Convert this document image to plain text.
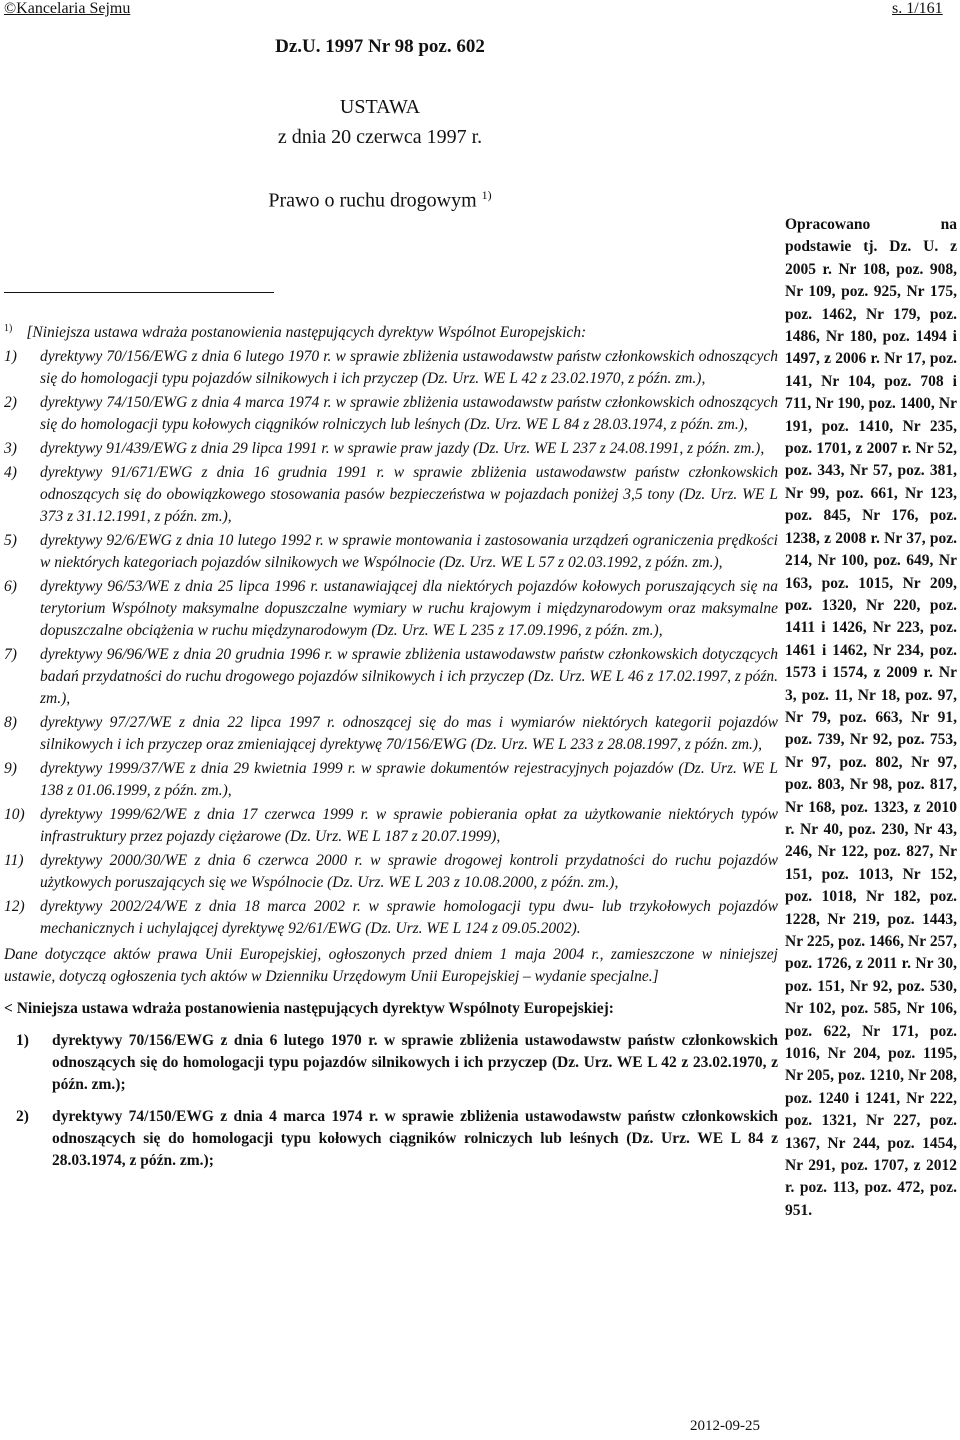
©Kancelaria Sejmu	s. 1/161
Dz.U. 1997 Nr 98 poz. 602
USTAWA
z dnia 20 czerwca 1997 r.
Prawo o ruchu drogowym $^{1)}$

$^{1)}$ [Niniejsza ustawa wdraża postanowienia następujących dyrektyw Wspólnot Europejskich:

1)	dyrektywy 70/156/EWG z dnia 6 lutego 1970 r. w sprawie zbliżenia ustawodawstw państw członkowskich odnoszących się do homologacji typu pojazdów silnikowych i ich przyczep (Dz. Urz. WE L 42 z 23.02.1970, z późn. zm.),
2)	dyrektywy 74/150/EWG z dnia 4 marca 1974 r. w sprawie zbliżenia ustawodawstw państw członkowskich odnoszących się do homologacji typu kołowych ciągników rolniczych lub leśnych (Dz. Urz. WE L 84 z 28.03.1974, z późn. zm.),
3)	dyrektywy 91/439/EWG z dnia 29 lipca 1991 r. w sprawie praw jazdy (Dz. Urz. WE L 237 z 24.08.1991, z późn. zm.),
4)	dyrektywy 91/671/EWG z dnia 16 grudnia 1991 r. w sprawie zbliżenia ustawodawstw państw członkowskich odnoszących się do obowiązkowego stosowania pasów bezpieczeństwa w pojazdach poniżej 3,5 tony (Dz. Urz. WE L 373 z 31.12.1991, z późn. zm.),
5)	dyrektywy 92/6/EWG z dnia 10 lutego 1992 r. w sprawie montowania i zastosowania urządzeń ograniczenia prędkości w niektórych kategoriach pojazdów silnikowych we Wspólnocie (Dz. Urz. WE L 57 z 02.03.1992, z późn. zm.),
6)	dyrektywy 96/53/WE z dnia 25 lipca 1996 r. ustanawiającej dla niektórych pojazdów kołowych poruszających się na terytorium Wspólnoty maksymalne dopuszczalne wymiary w ruchu krajowym i międzynarodowym oraz maksymalne dopuszczalne obciążenia w ruchu międzynarodowym (Dz. Urz. WE L 235 z 17.09.1996, z późn. zm.),
7)	dyrektywy 96/96/WE z dnia 20 grudnia 1996 r. w sprawie zbliżenia ustawodawstw państw członkowskich dotyczących badań przydatności do ruchu drogowego pojazdów silnikowych i ich przyczep (Dz. Urz. WE L 46 z 17.02.1997, z późn. zm.),
8)	dyrektywy 97/27/WE z dnia 22 lipca 1997 r. odnoszącej się do mas i wymiarów niektórych kategorii pojazdów silnikowych i ich przyczep oraz zmieniającej dyrektywę 70/156/EWG (Dz. Urz. WE L 233 z 28.08.1997, z późn. zm.),
9)	dyrektywy 1999/37/WE z dnia 29 kwietnia 1999 r. w sprawie dokumentów rejestracyjnych pojazdów (Dz. Urz. WE L 138 z 01.06.1999, z późn. zm.),
10) dyrektywy 1999/62/WE z dnia 17 czerwca 1999 r. w sprawie pobierania opłat za użytkowanie niektórych typów infrastruktury przez pojazdy ciężarowe (Dz. Urz. WE L 187 z 20.07.1999),
11)	dyrektywy 2000/30/WE z dnia 6 czerwca 2000 r. w sprawie drogowej kontroli przydatności do ruchu pojazdów użytkowych poruszających się we Wspólnocie (Dz. Urz. WE L 203 z 10.08.2000, z późn. zm.),
12) dyrektywy 2002/24/WE z dnia 18 marca 2002 r. w sprawie homologacji typu dwu- lub trzykołowych pojazdów mechanicznych i uchylającej dyrektywę 92/61/EWG (Dz. Urz. WE L 124 z 09.05.2002).

Dane dotyczące aktów prawa Unii Europejskiej, ogłoszonych przed dniem 1 maja 2004 r., zamieszczone w niniejszej ustawie, dotyczą ogłoszenia tych aktów w Dzienniku Urzędowym Unii Europejskiej – wydanie specjalne.]

< Niniejsza ustawa wdraża postanowienia następujących dyrektyw Wspólnoty Europejskiej:

1)	dyrektywy 70/156/EWG z dnia 6 lutego 1970 r. w sprawie zbliżenia ustawodawstw państw członkowskich odnoszących się do homologacji typu pojazdów silnikowych i ich przyczep (Dz. Urz. WE L 42 z 23.02.1970, z późn. zm.);
2)	dyrektywy 74/150/EWG z dnia 4 marca 1974 r. w sprawie zbliżenia ustawodawstw państw członkowskich odnoszących się do homologacji typu kołowych ciągników rolniczych lub leśnych (Dz. Urz. WE L 84 z 28.03.1974, z późn. zm.);
Opracowano na podstawie tj. Dz. U. z 2005 r. Nr 108, poz. 908, Nr 109, poz. 925, Nr 175, poz. 1462, Nr 179, poz. 1486, Nr 180, poz. 1494 i 1497, z 2006 r. Nr 17, poz. 141, Nr 104, poz. 708 i 711, Nr 190, poz. 1400, Nr 191, poz. 1410, Nr 235, poz. 1701, z 2007 r. Nr 52, poz. 343, Nr 57, poz. 381, Nr 99, poz. 661, Nr 123, poz. 845, Nr 176, poz. 1238, z 2008 r. Nr 37, poz. 214, Nr 100, poz. 649, Nr 163, poz. 1015, Nr 209, poz. 1320, Nr 220, poz. 1411 i 1426, Nr 223, poz. 1461 i 1462, Nr 234, poz. 1573 i 1574, z 2009 r. Nr 3, poz. 11, Nr 18, poz. 97, Nr 79, poz. 663, Nr 91, poz. 739, Nr 92, poz. 753, Nr 97, poz. 802, Nr 97, poz. 803, Nr 98, poz. 817, Nr 168, poz. 1323, z 2010 r. Nr 40, poz. 230, Nr 43, 246, Nr 122, poz. 827, Nr 151, poz. 1013, Nr 152, poz. 1018, Nr 182, poz. 1228, Nr 219, poz. 1443, Nr 225, poz. 1466, Nr 257, poz. 1726, z 2011 r. Nr 30, poz. 151, Nr 92, poz. 530, Nr 102, poz. 585, Nr 106, poz. 622, Nr 171, poz. 1016, Nr 204, poz. 1195, Nr 205, poz. 1210, Nr 208, poz. 1240 i 1241, Nr 222, poz. 1321, Nr 227, poz. 1367, Nr 244, poz. 1454, Nr 291, poz. 1707, z 2012 r. poz. 113, poz. 472, poz. 951.
2012-09-25
